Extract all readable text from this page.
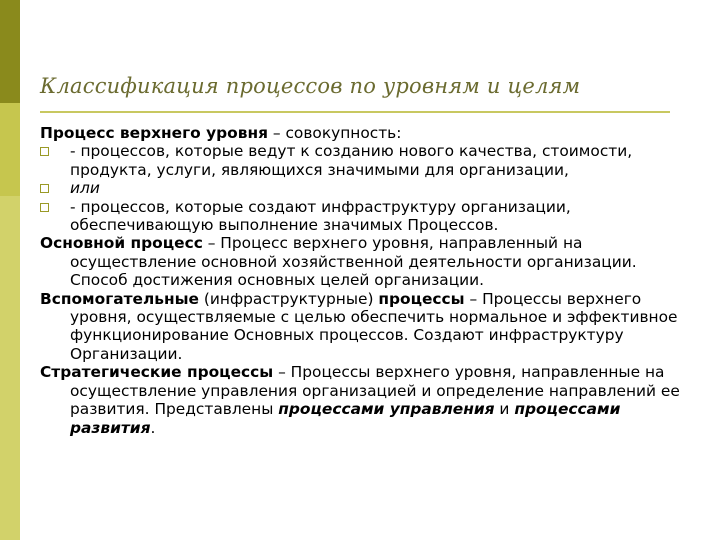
Классификация процессов по уровням и целям

Процесс верхнего уровня – совокупность:

- процессов, которые ведут к созданию нового качества, стоимости, продукта, услуги, являющихся значимыми для организации,

или

- процессов, которые создают инфраструктуру организации, обеспечивающую выполнение значимых Процессов.

Основной процесс – Процесс верхнего уровня, направленный на осуществление основной хозяйственной деятельности организации. Способ достижения основных целей организации.

Вспомогательные (инфраструктурные) процессы – Процессы верхнего уровня, осуществляемые с целью обеспечить нормальное и эффективное функционирование Основных процессов. Создают инфраструктуру Организации.

Стратегические процессы – Процессы верхнего уровня, направленные на осуществление управления организацией и определение направлений ее развития. Представлены процессами управления и процессами развития.
